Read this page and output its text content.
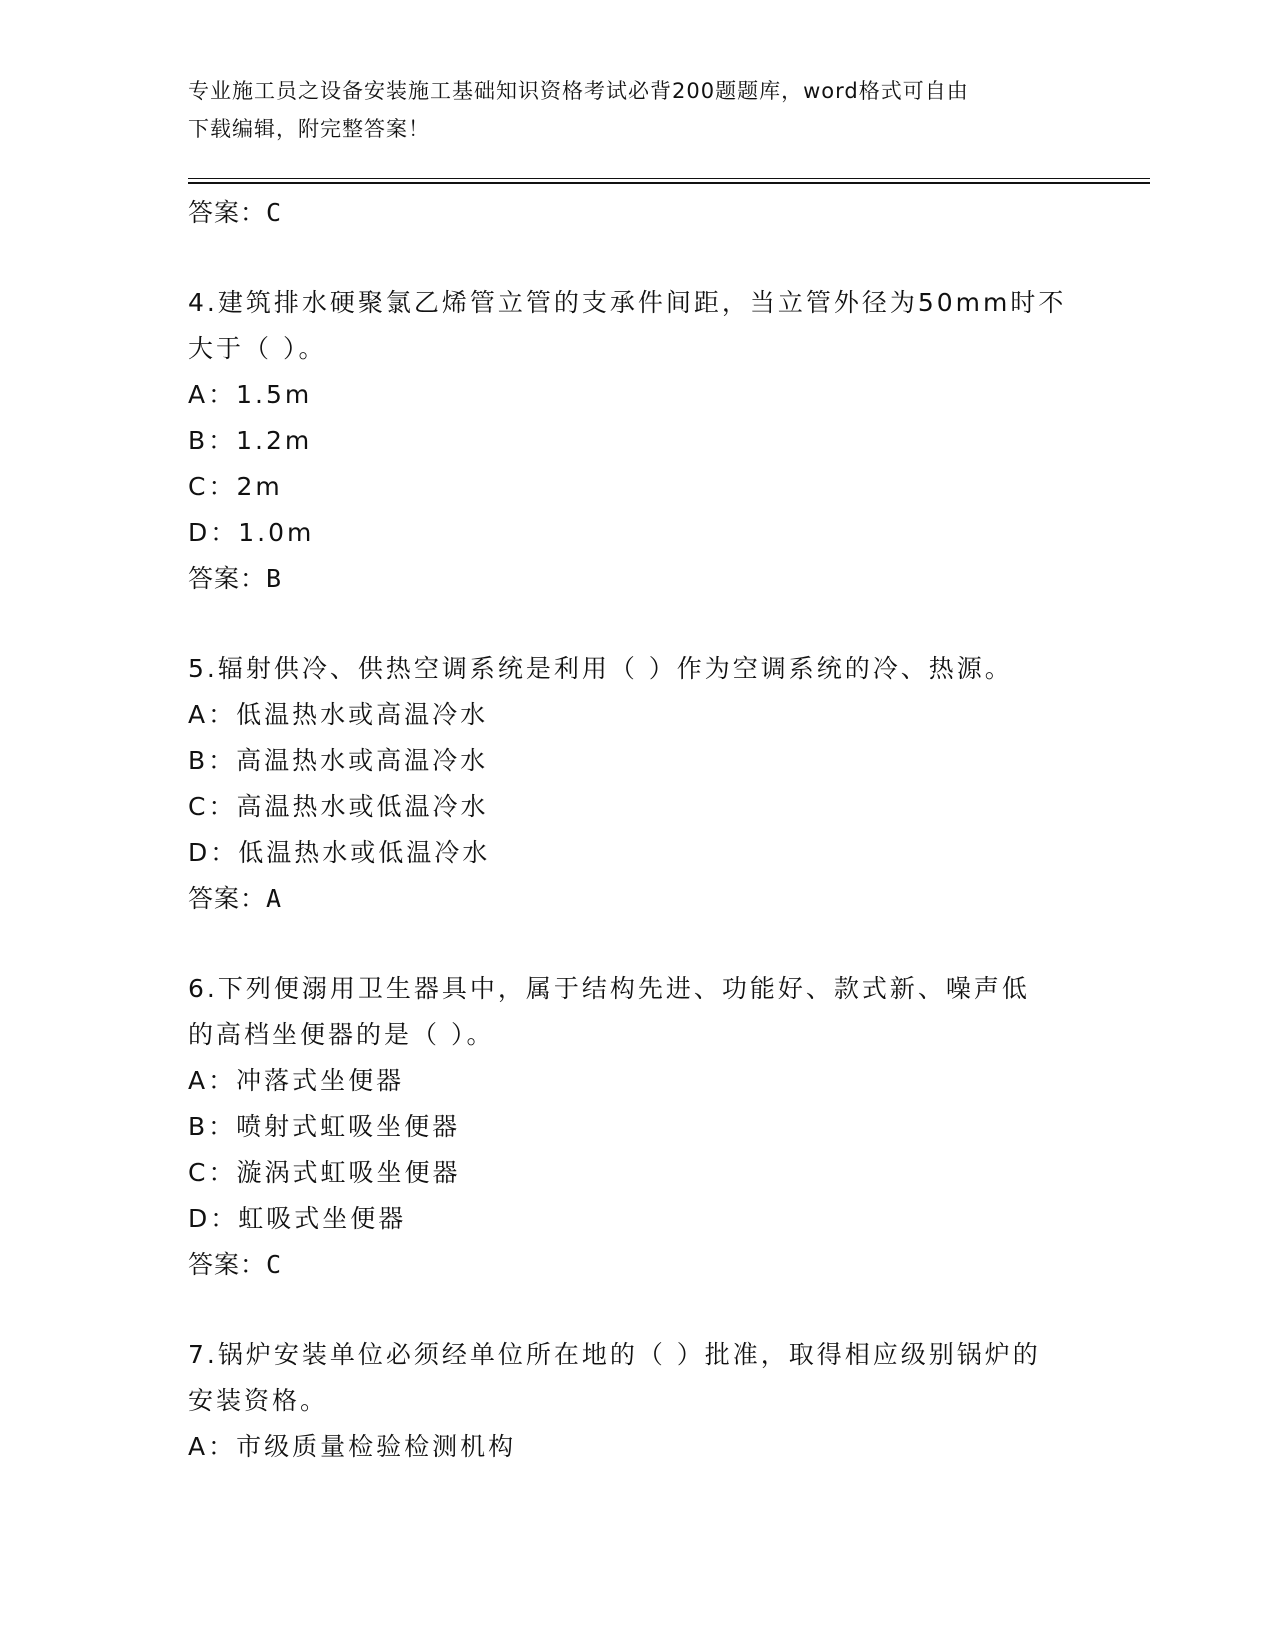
专业施工员之设备安装施工基础知识资格考试必背200题题库，word格式可自由
下载编辑，附完整答案！
答案：C
4.建筑排水硬聚氯乙烯管立管的支承件间距，当立管外径为50mm时不
大于（ ）。
A：1.5m
B：1.2m
C：2m
D：1.0m
答案：B
5.辐射供冷、供热空调系统是利用（ ）作为空调系统的冷、热源。
A：低温热水或高温冷水
B：高温热水或高温冷水
C：高温热水或低温冷水
D：低温热水或低温冷水
答案：A
6.下列便溺用卫生器具中，属于结构先进、功能好、款式新、噪声低
的高档坐便器的是（ ）。
A：冲落式坐便器
B：喷射式虹吸坐便器
C：漩涡式虹吸坐便器
D：虹吸式坐便器
答案：C
7.锅炉安装单位必须经单位所在地的（ ）批准，取得相应级别锅炉的
安装资格。
A：市级质量检验检测机构
